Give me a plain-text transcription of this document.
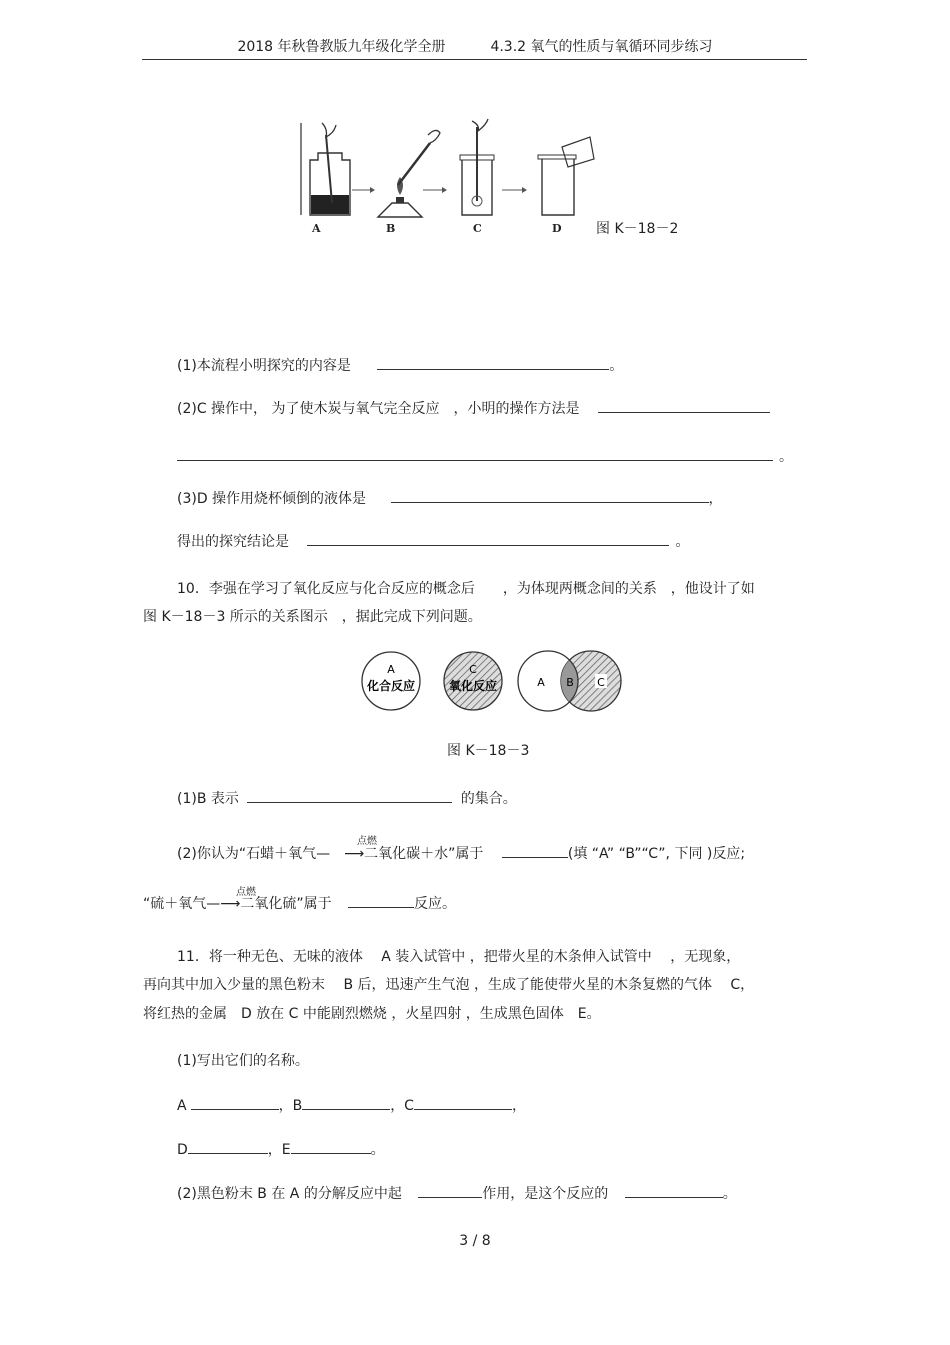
2018 年秋鲁教版九年级化学全册	4.3.2 氧气的性质与氧循环同步练习
A	B	C	D 图 K－18－2
(1)本流程小明探究的内容是	。
(2)C 操作中， 为了使木炭与氧气完全反应　，小明的操作方法是
。
(3)D 操作用烧杯倾倒的液体是	，
得出的探究结论是	。
10．李强在学习了氧化反应与化合反应的概念后　　，为体现两概念间的关系　，他设计了如
图 K－18－3 所示的关系图示　，据此完成下列问题。
A
化合反应
C
氧化反应	A B C
图 K－18－3
(1)B 表示	的集合。
点燃
(2)你认为“石蜡＋氧气— ⟶二氧化碳＋水”属于	(填 “A” “B”“C”, 下同 )反应;
点燃
“硫＋氧气—⟶二氧化硫”属于	反应。
11．将一种无色、无味的液体　 A 装入试管中 ，把带火星的木条伸入试管中　 ，无现象，
再向其中加入少量的黑色粉末　 B 后，迅速产生气泡 ，生成了能使带火星的木条复燃的气体　 C，
将红热的金属　D 放在 C 中能剧烈燃烧 ，火星四射 ，生成黑色固体　E。
(1)写出它们的名称。
A	，B	，C	，
D	，E	。
(2)黑色粉末 B 在 A 的分解反应中起	作用，是这个反应的	。
3 / 8
